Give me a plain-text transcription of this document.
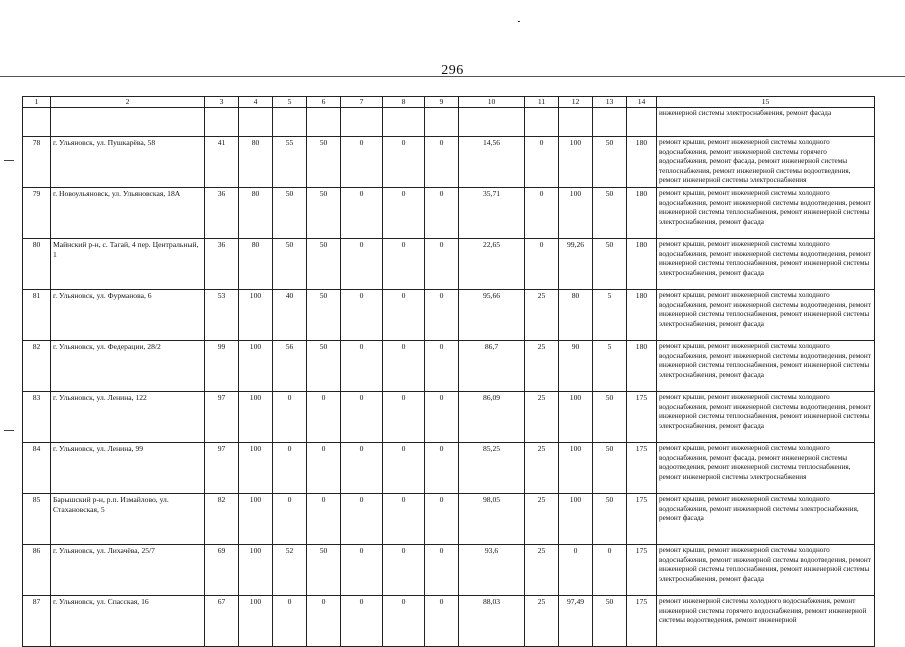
296
1	2	3	4	5	6	7	8	9	10	11	12	13	14	15
														инженерной системы электроснабжения, ремонт фасада
78	г. Ульяновск, ул. Пушкарёва, 58	41	80	55	50	0	0	0	14,56	0	100	50	180	ремонт крыши, ремонт инженерной системы холодного водоснабжения, ремонт инженерной системы горячего водоснабжения, ремонт фасада, ремонт инженерной системы теплоснабжения, ремонт инженерной системы водоотведения, ремонт инженерной системы электроснабжения
79	г. Новоульяновск, ул. Ульяновская, 18А	36	80	50	50	0	0	0	35,71	0	100	50	180	ремонт крыши, ремонт инженерной системы холодного водоснабжения, ремонт инженерной системы водоотведения, ремонт инженерной системы теплоснабжения, ремонт инженерной системы электроснабжения, ремонт фасада
80	Майнский р-н, с. Тагай, 4 пер. Центральный, 1	36	80	50	50	0	0	0	22,65	0	99,26	50	180	ремонт крыши, ремонт инженерной системы холодного водоснабжения, ремонт инженерной системы водоотведения, ремонт инженерной системы теплоснабжения, ремонт инженерной системы электроснабжения, ремонт фасада
81	г. Ульяновск, ул. Фурманова, 6	53	100	40	50	0	0	0	95,66	25	80	5	180	ремонт крыши, ремонт инженерной системы холодного водоснабжения, ремонт инженерной системы водоотведения, ремонт инженерной системы теплоснабжения, ремонт инженерной системы электроснабжения, ремонт фасада
82	г. Ульяновск, ул. Федерации, 28/2	99	100	56	50	0	0	0	86,7	25	90	5	180	ремонт крыши, ремонт инженерной системы холодного водоснабжения, ремонт инженерной системы водоотведения, ремонт инженерной системы теплоснабжения, ремонт инженерной системы электроснабжения, ремонт фасада
83	г. Ульяновск, ул. Ленина, 122	97	100	0	0	0	0	0	86,09	25	100	50	175	ремонт крыши, ремонт инженерной системы холодного водоснабжения, ремонт инженерной системы водоотведения, ремонт инженерной системы теплоснабжения, ремонт инженерной системы электроснабжения, ремонт фасада
84	г. Ульяновск, ул. Ленина, 99	97	100	0	0	0	0	0	85,25	25	100	50	175	ремонт крыши, ремонт инженерной системы холодного водоснабжения, ремонт фасада, ремонт инженерной системы водоотведения, ремонт инженерной системы теплоснабжения, ремонт инженерной системы электроснабжения
85	Барышский р-н, р.п. Измайлово, ул. Стахановская, 5	82	100	0	0	0	0	0	98,05	25	100	50	175	ремонт крыши, ремонт инженерной системы холодного водоснабжения, ремонт инженерной системы электроснабжения, ремонт фасада
86	г. Ульяновск, ул. Лихачёва, 25/7	69	100	52	50	0	0	0	93,6	25	0	0	175	ремонт крыши, ремонт инженерной системы холодного водоснабжения, ремонт инженерной системы водоотведения, ремонт инженерной системы теплоснабжения, ремонт инженерной системы электроснабжения, ремонт фасада
87	г. Ульяновск, ул. Спасская, 16	67	100	0	0	0	0	0	88,03	25	97,49	50	175	ремонт инженерной системы холодного водоснабжения, ремонт инженерной системы горячего водоснабжения, ремонт инженерной системы водоотведения, ремонт инженерной
